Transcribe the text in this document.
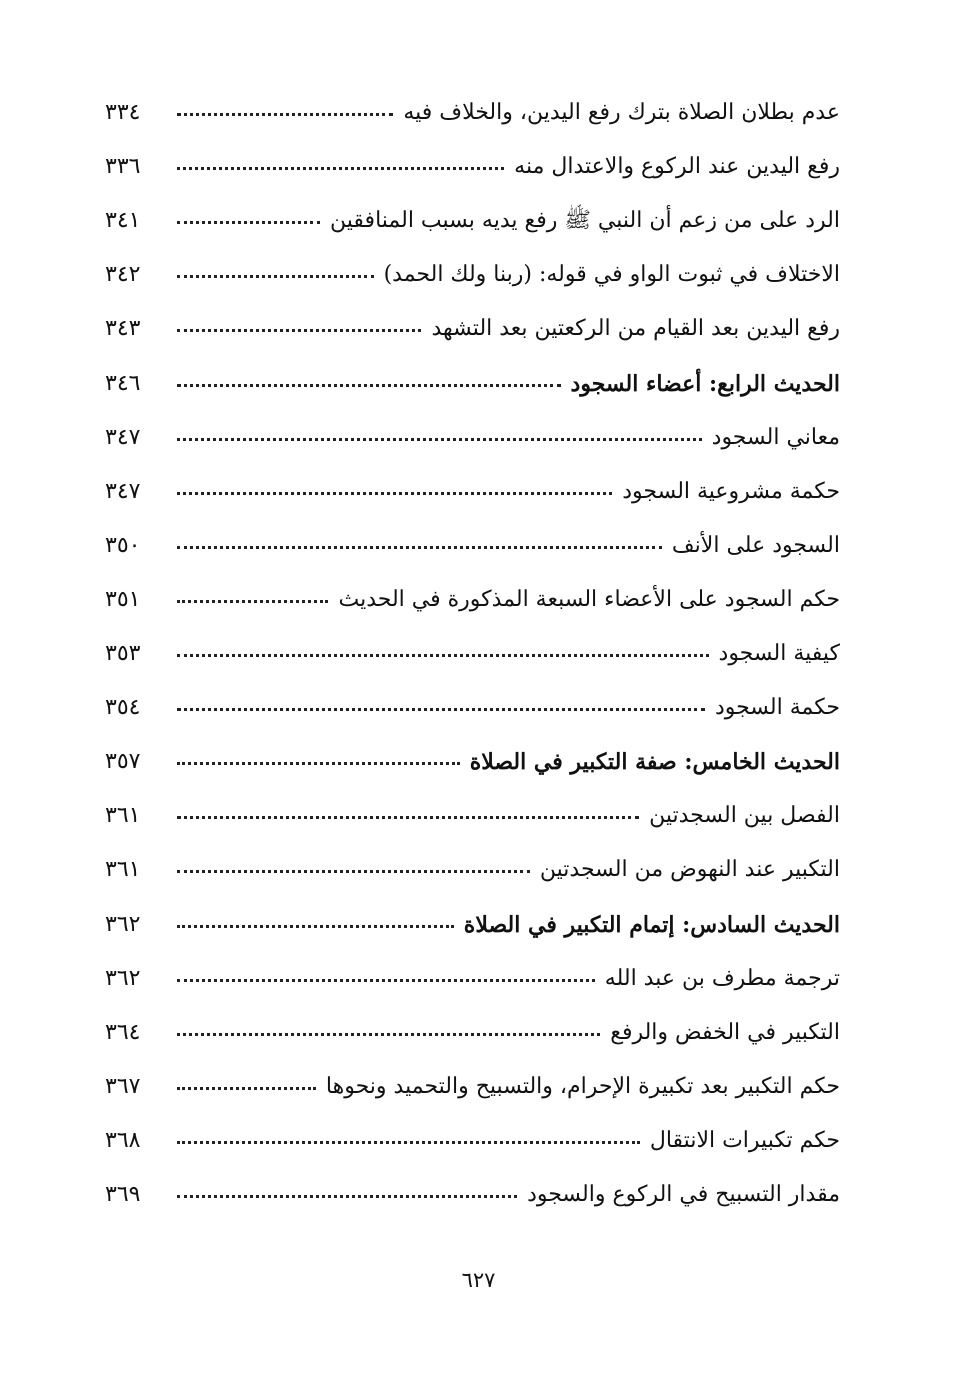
عدم بطلان الصلاة بترك رفع اليدين، والخلاف فيه
٣٣٤
رفع اليدين عند الركوع والاعتدال منه
٣٣٦
الرد على من زعم أن النبي ﷺ رفع يديه بسبب المنافقين
٣٤١
الاختلاف في ثبوت الواو في قوله: (ربنا ولك الحمد)
٣٤٢
رفع اليدين بعد القيام من الركعتين بعد التشهد
٣٤٣
الحديث الرابع: أعضاء السجود
٣٤٦
معاني السجود
٣٤٧
حكمة مشروعية السجود
٣٤٧
السجود على الأنف
٣٥٠
حكم السجود على الأعضاء السبعة المذكورة في الحديث
٣٥١
كيفية السجود
٣٥٣
حكمة السجود
٣٥٤
الحديث الخامس: صفة التكبير في الصلاة
٣٥٧
الفصل بين السجدتين
٣٦١
التكبير عند النهوض من السجدتين
٣٦١
الحديث السادس: إتمام التكبير في الصلاة
٣٦٢
ترجمة مطرف بن عبد الله
٣٦٢
التكبير في الخفض والرفع
٣٦٤
حكم التكبير بعد تكبيرة الإحرام، والتسبيح والتحميد ونحوها
٣٦٧
حكم تكبيرات الانتقال
٣٦٨
مقدار التسبيح في الركوع والسجود
٣٦٩
٦٢٧
